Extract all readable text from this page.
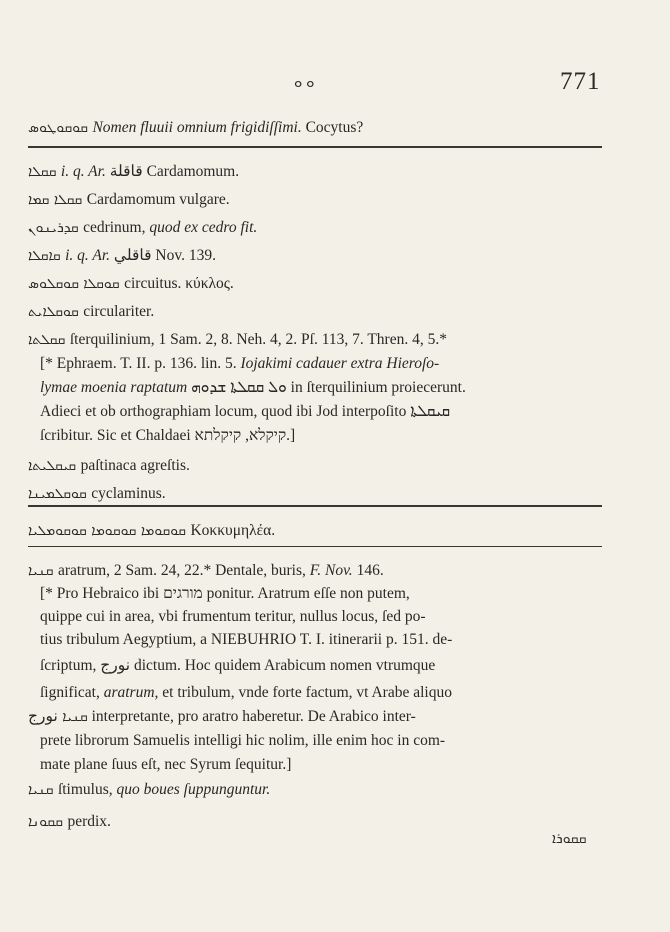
ܘ ܘ	771
ܩܘܩܘܛܘܣ Nomen fluuii omnium frigidiſſimi. Cocytus?
ܩܩܠܐ i. q. Ar. ﻗﺎﻗﻠﺔ Cardamomum.
ܩܩܠܐ ܩܡܐ Cardamomum vulgare.
ܩܕܪܝܢܘܢ cedrinum, quod ex cedro fit.
ܩܐܩܠܐ i. q. Ar. ﻗﺎﻗﻠﻲ Nov. 139.
ܩܘܩܠܐ ܩܘܩܠܘܣ circuitus. κύκλος.
ܩܘܩܠܐܝܬ circulariter.
ܩܩܠܬܐ ſterquilinium, 1 Sam. 2, 8. Neh. 4, 2. Pſ. 113, 7. Thren. 4, 5.*
[* Ephraem. T. II. p. 136. lin. 5. Iojakimi cadauer extra Hieroſo-
lymae moenia raptatum ܘܠ ܩܩܠܬܐ ܫܕܘܗ in ſterquilinium proiecerunt.
Adieci et ob orthographiam locum, quod ibi Jod interpoſito ܩܝܩܠܬܐ
ſcribitur. Sic et Chaldaei קיקלא, קיקלתא.]
ܩܝܩܠܝܬܐ paſtinaca agreſtis.
ܩܘܩܠܡܝܢܐ cyclaminus.
ܩܘܩܘܡܐ ܩܘܩܘܡܐ ܩܘܩܘܡܠܝܐ Κοκκυμηλέα.
ܩܢܝܐ aratrum, 2 Sam. 24, 22.* Dentale, buris, F. Nov. 146.
[* Pro Hebraico ibi מורגים ponitur. Aratrum eſſe non putem,
quippe cui in area, vbi frumentum teritur, nullus locus, ſed po-
tius tribulum Aegyptium, a NIEBUHRIO T. I. itinerarii p. 151. de-
ſcriptum, ﻧﻮﺭﺝ dictum. Hoc quidem Arabicum nomen vtrumque
ſignificat, aratrum, et tribulum, vnde forte factum, vt Arabe aliquo
ܩܢܝܐ ﻧﻮﺭﺝ interpretante, pro aratro haberetur. De Arabico inter-
prete librorum Samuelis intelligi hic nolim, ille enim hoc in com-
mate plane ſuus eſt, nec Syrum ſequitur.]
ܩܢܝܐ ſtimulus, quo boues ſuppunguntur.
ܩܩܘܢܐ perdix.
ܩܩܘܪܐ
